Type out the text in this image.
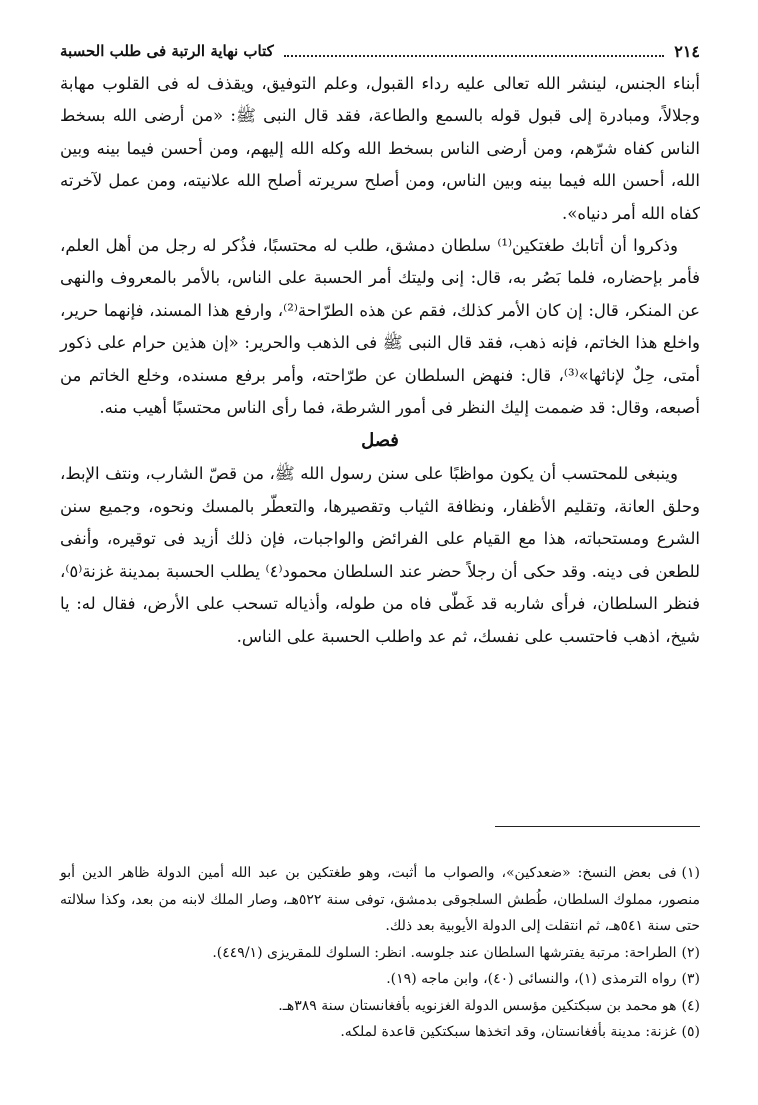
٢١٤
كتاب نهاية الرتبة فى طلب الحسبة

أبناء الجنس، لينشر الله تعالى عليه رداء القبول، وعلم التوفيق، ويقذف له فى القلوب مهابة وجلالاً، ومبادرة إلى قبول قوله بالسمع والطاعة، فقد قال النبى ﷺ: «من أرضى الله بسخط الناس كفاه شرّهم، ومن أرضى الناس بسخط الله وكله الله إليهم، ومن أحسن فيما بينه وبين الله، أحسن الله فيما بينه وبين الناس، ومن أصلح سريرته أصلح الله علانيته، ومن عمل لآخرته كفاه الله أمر دنياه».

وذكروا أن أتابك طغتكين⁽¹⁾ سلطان دمشق، طلب له محتسبًا، فذُكر له رجل من أهل العلم، فأمر بإحضاره، فلما بَصُر به، قال: إنى وليتك أمر الحسبة على الناس، بالأمر بالمعروف والنهى عن المنكر، قال: إن كان الأمر كذلك، فقم عن هذه الطرّاحة⁽²⁾، وارفع هذا المسند، فإنهما حرير، واخلع هذا الخاتم، فإنه ذهب، فقد قال النبى ﷺ فى الذهب والحرير: «إن هذين حرام على ذكور أمتى، حِلٌ لإناثها»⁽³⁾، قال: فنهض السلطان عن طرّاحته، وأمر برفع مسنده، وخلع الخاتم من أصبعه، وقال: قد ضممت إليك النظر فى أمور الشرطة، فما رأى الناس محتسبًا أهيب منه.

فصل

وينبغى للمحتسب أن يكون مواظبًا على سنن رسول الله ﷺ، من قصّ الشارب، ونتف الإبط، وحلق العانة، وتقليم الأظفار، ونظافة الثياب وتقصيرها، والتعطّر بالمسك ونحوه، وجميع سنن الشرع ومستحباته، هذا مع القيام على الفرائض والواجبات، فإن ذلك أزيد فى توقيره، وأنفى للطعن فى دينه. وقد حكى أن رجلاً حضر عند السلطان محمود⁽٤⁾ يطلب الحسبة بمدينة غزنة⁽٥⁾، فنظر السلطان، فرأى شاربه قد غَطّى فاه من طوله، وأذياله تسحب على الأرض، فقال له: يا شيخ، اذهب فاحتسب على نفسك، ثم عد واطلب الحسبة على الناس.

(١)فى بعض النسخ: «ضعدكين»، والصواب ما أثبت، وهو طغتكين بن عبد الله أمين الدولة ظاهر الدين أبو منصور، مملوك السلطان، طُطش السلجوقى بدمشق، توفى سنة ٥٢٢هـ، وصار الملك لابنه من بعد، وكذا سلالته حتى سنة ٥٤١هـ، ثم انتقلت إلى الدولة الأيوبية بعد ذلك.

(٢)الطراحة: مرتبة يفترشها السلطان عند جلوسه. انظر: السلوك للمقريزى (٤٤٩/١).

(٣)رواه الترمذى (١)، والنسائى (٤٠)، وابن ماجه (١٩).

(٤)هو محمد بن سبكتكين مؤسس الدولة الغزنويه بأفغانستان سنة ٣٨٩هـ.

(٥)غزنة: مدينة بأفغانستان، وقد اتخذها سبكتكين قاعدة لملكه.
